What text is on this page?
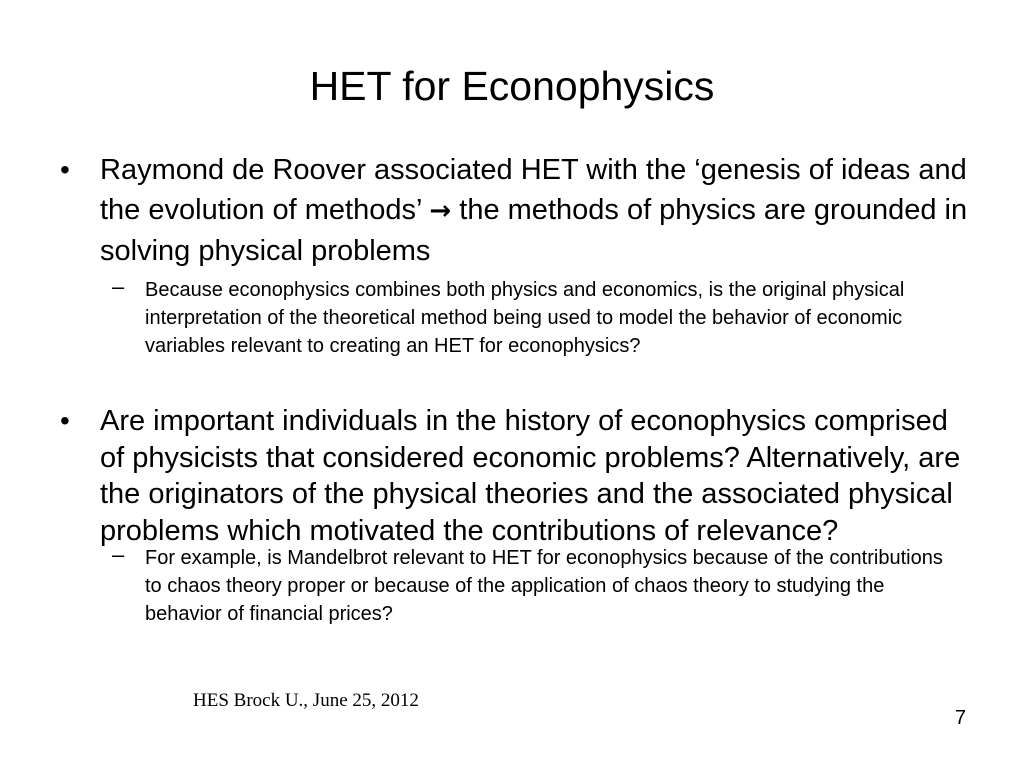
HET for Econophysics
•	Raymond de Roover associated HET with the ‘genesis of ideas and the evolution of methods’ → the methods of physics are grounded in solving physical problems
– Because econophysics combines both physics and economics, is the original physical interpretation of the theoretical method being used to model the behavior of economic variables relevant to creating an HET for econophysics?
•	Are important individuals in the history of econophysics comprised of physicists that considered economic problems? Alternatively, are the originators of the physical theories and the associated physical problems which motivated the contributions of relevance?
– For example, is Mandelbrot relevant to HET for econophysics because of the contributions to chaos theory proper or because of the application of chaos theory to studying the behavior of financial prices?
HES Brock U., June 25, 2012
7
